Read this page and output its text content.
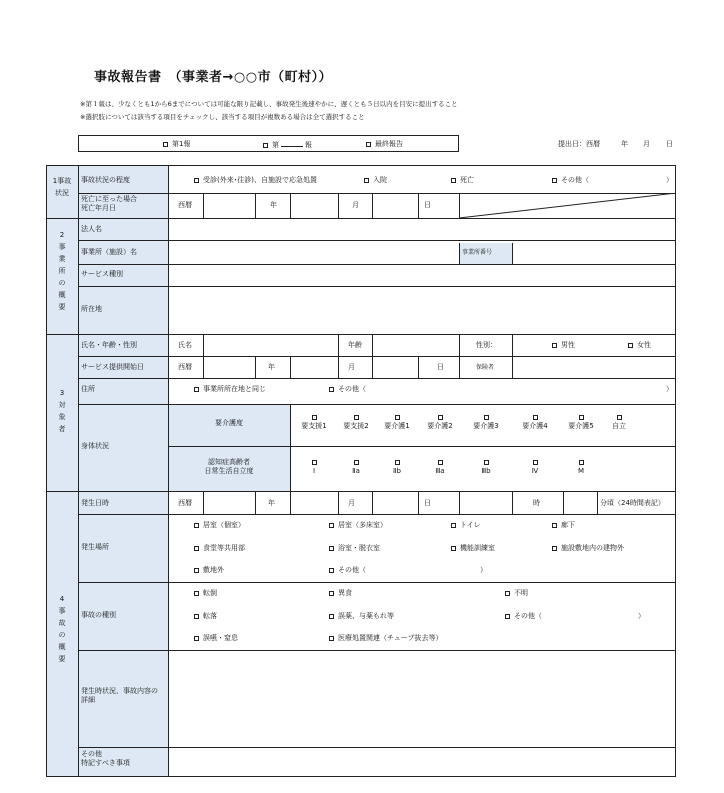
事故報告書　（事業者→○○市（町村））
※第１報は、少なくとも1から6までについては可能な限り記載し、事故発生後速やかに、遅くとも５日以内を目安に提出すること
※選択肢については該当する項目をチェックし、該当する項目が複数ある場合は全て選択すること
第1報	第	報	最終報告	提出日：西暦	年 月 日
1事故
状況
事故状況の程度	受診(外来･往診)、自施設で応急処置	入院	死亡	その他（	）
死亡に至った場合
死亡年月日	西暦	年	月	日
2
事
業
所
の
概
要
法人名
事業所（施設）名	事業所番号
サービス種別
所在地
3
対
象
者
氏名・年齢・性別	氏名	年齢	性別：	男性	女性
サービス提供開始日	西暦	年	月	日	保険者
住所	事業所所在地と同じ	その他（	）
身体状況
要介護度
認知症高齢者
日常生活自立度
要支援1	要支援2	要介護1	要介護2	要介護3	要介護4	要介護5	自立
Ⅰ	Ⅱa	Ⅱb	Ⅲa	Ⅲb	Ⅳ	M
4
事
故
の
概
要
発生日時	西暦	年	月	日	時	分頃（24時間表記）
発生場所
居室（個室）	居室（多床室）	トイレ	廊下
食堂等共用部	浴室・脱衣室	機能訓練室	施設敷地内の建物外
敷地外	その他（	）
事故の種別
転倒	異食	不明
転落	誤薬、与薬もれ等	その他（	）
誤嚥・窒息	医療処置関連（チューブ抜去等）
発生時状況、事故内容の
詳細
その他
特記すべき事項
